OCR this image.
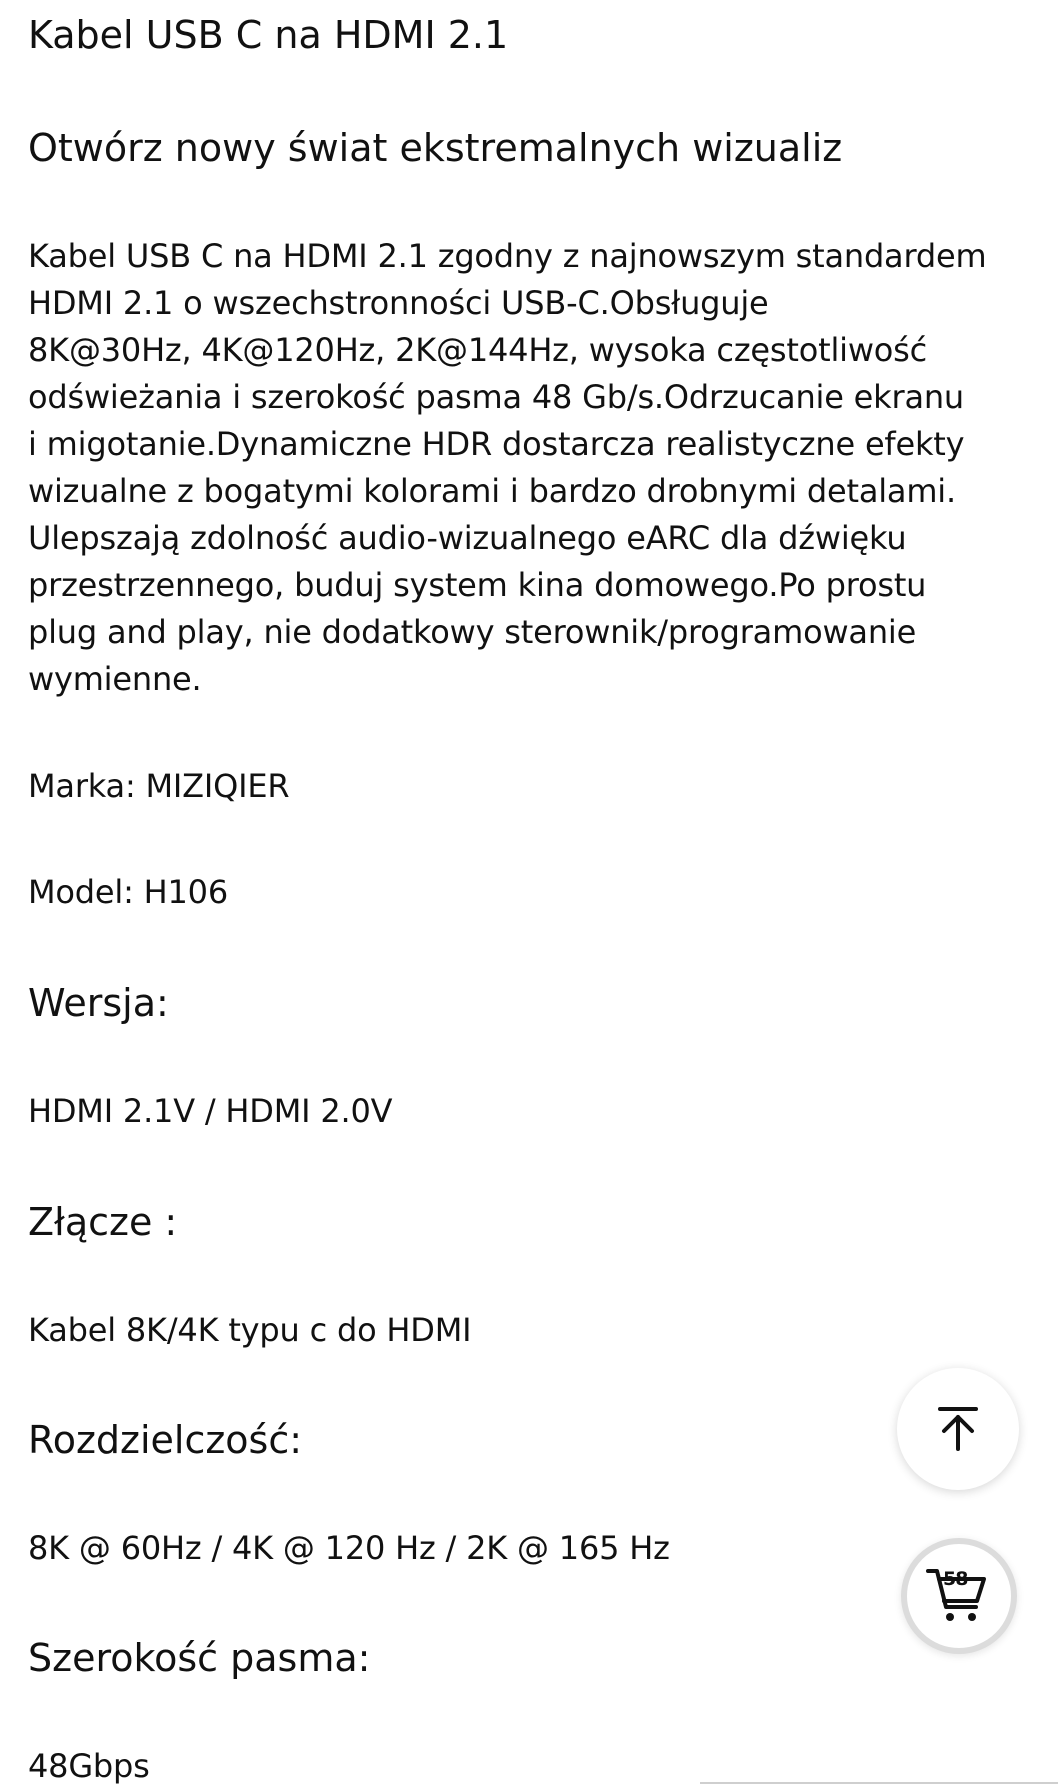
Kabel USB C na HDMI 2.1
Otwórz nowy świat ekstremalnych wizualiz
Kabel USB C na HDMI 2.1 zgodny z najnowszym standardem
HDMI 2.1 o wszechstronności USB-C.Obsługuje
8K@30Hz, 4K@120Hz, 2K@144Hz, wysoka częstotliwość
odświeżania i szerokość pasma 48 Gb/s.Odrzucanie ekranu
i migotanie.Dynamiczne HDR dostarcza realistyczne efekty
wizualne z bogatymi kolorami i bardzo drobnymi detalami.
Ulepszają zdolność audio-wizualnego eARC dla dźwięku
przestrzennego, buduj system kina domowego.Po prostu
plug and play, nie dodatkowy sterownik/programowanie
wymienne.
Marka: MIZIQIER
Model: H106
Wersja:
HDMI 2.1V / HDMI 2.0V
Złącze :
Kabel 8K/4K typu c do HDMI
Rozdzielczość:
8K @ 60Hz / 4K @ 120 Hz / 2K @ 165 Hz
Szerokość pasma:
48Gbps
58
